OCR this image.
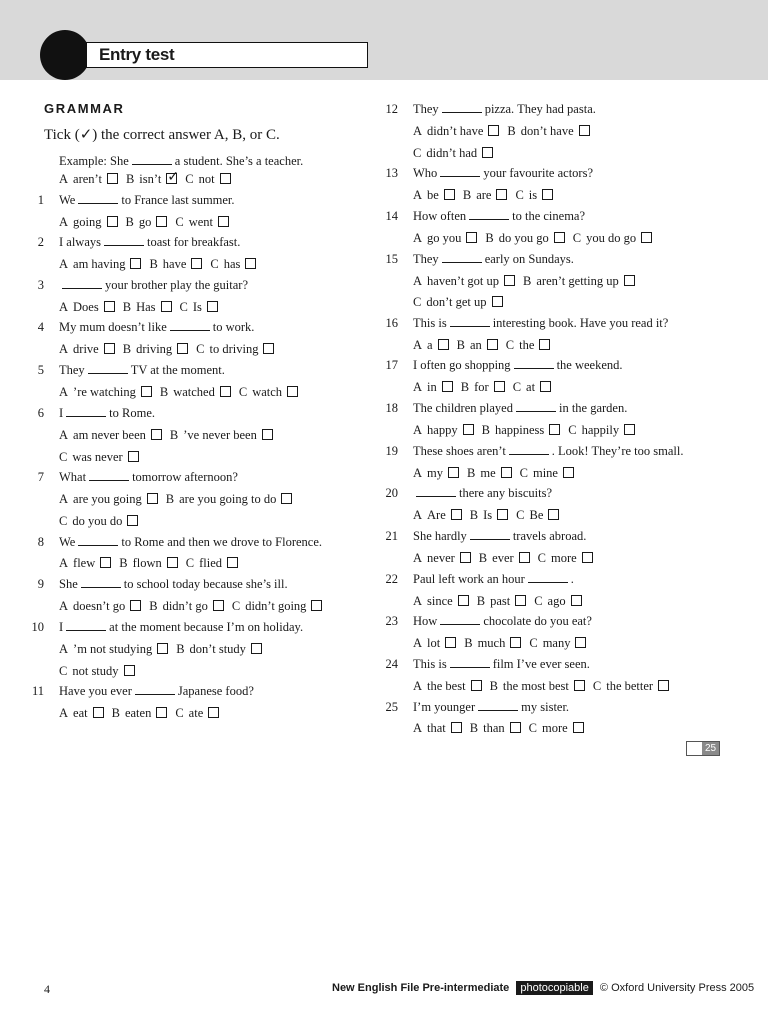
Entry test
GRAMMAR
Tick (✓) the correct answer A, B, or C.
Example: She	a student. She’s a teacher.
A aren’t B isn’t✓ C not
1 We	to France last summer.
A going B go C went
2 I always	toast for breakfast.
A am having B have C has
3	your brother play the guitar?
A Does B Has C Is
4 My mum doesn’t like	to work.
A drive B driving C to driving
5 They	TV at the moment.
A ’re watching B watched C watch
6 I	to Rome.
A am never been B ’ve never been
C was never
7 What	tomorrow afternoon?
A are you going B are you going to do
C do you do
8 We	to Rome and then we drove to Florence.
A flew B flown C flied
9 She	to school today because she’s ill.
A doesn’t go B didn’t go C didn’t going
10 I	at the moment because I’m on holiday.
A ’m not studying B don’t study
C not study
11 Have you ever	Japanese food?
A eat B eaten C ate
12 They	pizza. They had pasta.
A didn’t have B don’t have
C didn’t had
13 Who	your favourite actors?
A be B are C is
14 How often	to the cinema?
A go you B do you go C you do go
15 They	early on Sundays.
A haven’t got up B aren’t getting up
C don’t get up
16 This is	interesting book. Have you read it?
A a B an C the
17 I often go shopping	the weekend.
A in B for C at
18 The children played	in the garden.
A happy B happiness C happily
19 These shoes aren’t	. Look! They’re too small.
A my B me C mine
20	there any biscuits?
A Are B Is C Be
21 She hardly	travels abroad.
A never B ever C more
22 Paul left work an hour	.
A since B past C ago
23 How	chocolate do you eat?
A lot B much C many
24 This is	film I’ve ever seen.
A the best B the most best C the better
25 I’m younger	my sister.
A that B than C more
25
4	New English File Pre-intermediate photocopiable © Oxford University Press 2005
